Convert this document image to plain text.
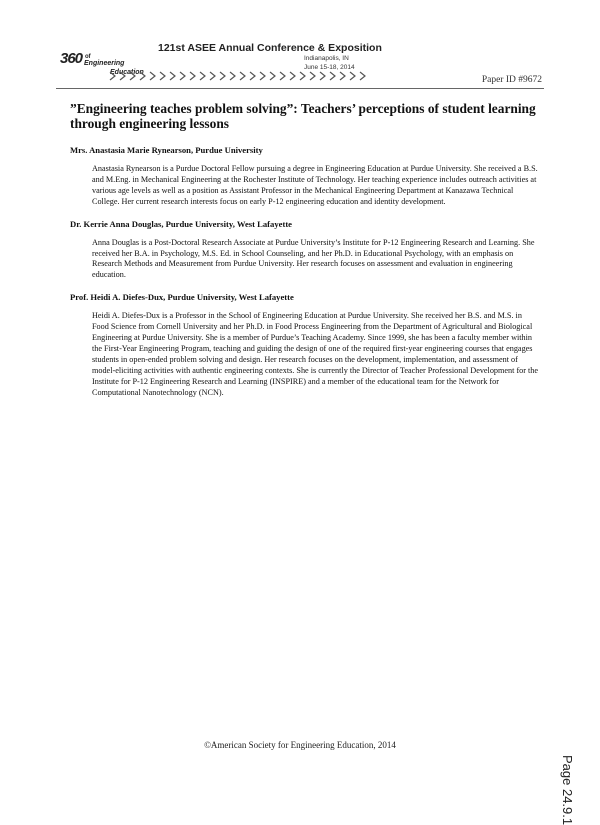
360 of
Engineering
Education
121st ASEE Annual Conference & Exposition
Indianapolis, IN
June 15-18, 2014
Paper ID #9672
”Engineering teaches problem solving”: Teachers’ perceptions of student learning through engineering lessons
Mrs. Anastasia Marie Rynearson, Purdue University

Anastasia Rynearson is a Purdue Doctoral Fellow pursuing a degree in Engineering Education at Purdue University. She received a B.S. and M.Eng. in Mechanical Engineering at the Rochester Institute of Technology. Her teaching experience includes outreach activities at various age levels as well as a position as Assistant Professor in the Mechanical Engineering Department at Kanazawa Technical College. Her current research interests focus on early P-12 engineering education and identity development.

Dr. Kerrie Anna Douglas, Purdue University, West Lafayette

Anna Douglas is a Post-Doctoral Research Associate at Purdue University’s Institute for P-12 Engineering Research and Learning. She received her B.A. in Psychology, M.S. Ed. in School Counseling, and her Ph.D. in Educational Psychology, with an emphasis on Research Methods and Measurement from Purdue University. Her research focuses on assessment and evaluation in engineering education.

Prof. Heidi A. Diefes-Dux, Purdue University, West Lafayette

Heidi A. Diefes-Dux is a Professor in the School of Engineering Education at Purdue University. She received her B.S. and M.S. in Food Science from Cornell University and her Ph.D. in Food Process Engineering from the Department of Agricultural and Biological Engineering at Purdue University. She is a member of Purdue’s Teaching Academy. Since 1999, she has been a faculty member within the First-Year Engineering Program, teaching and guiding the design of one of the required first-year engineering courses that engages students in open-ended problem solving and design. Her research focuses on the development, implementation, and assessment of model-eliciting activities with authentic engineering contexts. She is currently the Director of Teacher Professional Development for the Institute for P-12 Engineering Research and Learning (INSPIRE) and a member of the educational team for the Network for Computational Nanotechnology (NCN).

Page 24.9.1
©American Society for Engineering Education, 2014
